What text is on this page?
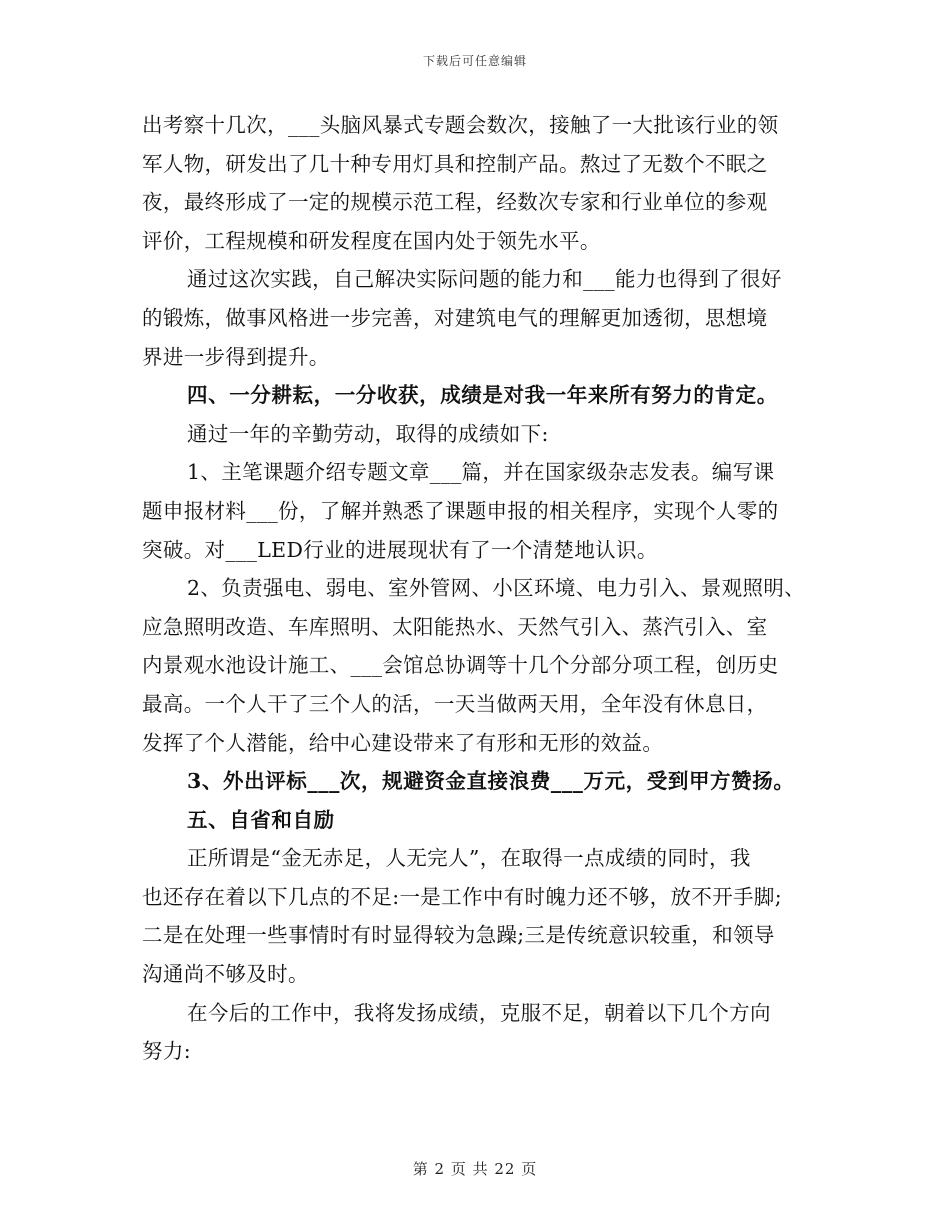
下载后可任意编辑
出考察十几次，___头脑风暴式专题会数次，接触了一大批该行业的领
军人物，研发出了几十种专用灯具和控制产品。熬过了无数个不眠之
夜，最终形成了一定的规模示范工程，经数次专家和行业单位的参观
评价，工程规模和研发程度在国内处于领先水平。
通过这次实践，自己解决实际问题的能力和___能力也得到了很好
的锻炼，做事风格进一步完善，对建筑电气的理解更加透彻，思想境
界进一步得到提升。
四、一分耕耘，一分收获，成绩是对我一年来所有努力的肯定。
通过一年的辛勤劳动，取得的成绩如下:
1、主笔课题介绍专题文章___篇，并在国家级杂志发表。编写课
题申报材料___份，了解并熟悉了课题申报的相关程序，实现个人零的
突破。对___LED行业的进展现状有了一个清楚地认识。
2、负责强电、弱电、室外管网、小区环境、电力引入、景观照明、
应急照明改造、车库照明、太阳能热水、天然气引入、蒸汽引入、室
内景观水池设计施工、___会馆总协调等十几个分部分项工程，创历史
最高。一个人干了三个人的活，一天当做两天用，全年没有休息日，
发挥了个人潜能，给中心建设带来了有形和无形的效益。
3、外出评标___次，规避资金直接浪费___万元，受到甲方赞扬。
五、自省和自励
正所谓是“金无赤足，人无完人”，在取得一点成绩的同时，我
也还存在着以下几点的不足:一是工作中有时魄力还不够，放不开手脚;
二是在处理一些事情时有时显得较为急躁;三是传统意识较重，和领导
沟通尚不够及时。
在今后的工作中，我将发扬成绩，克服不足，朝着以下几个方向
努力:
第 2 页 共 22 页
